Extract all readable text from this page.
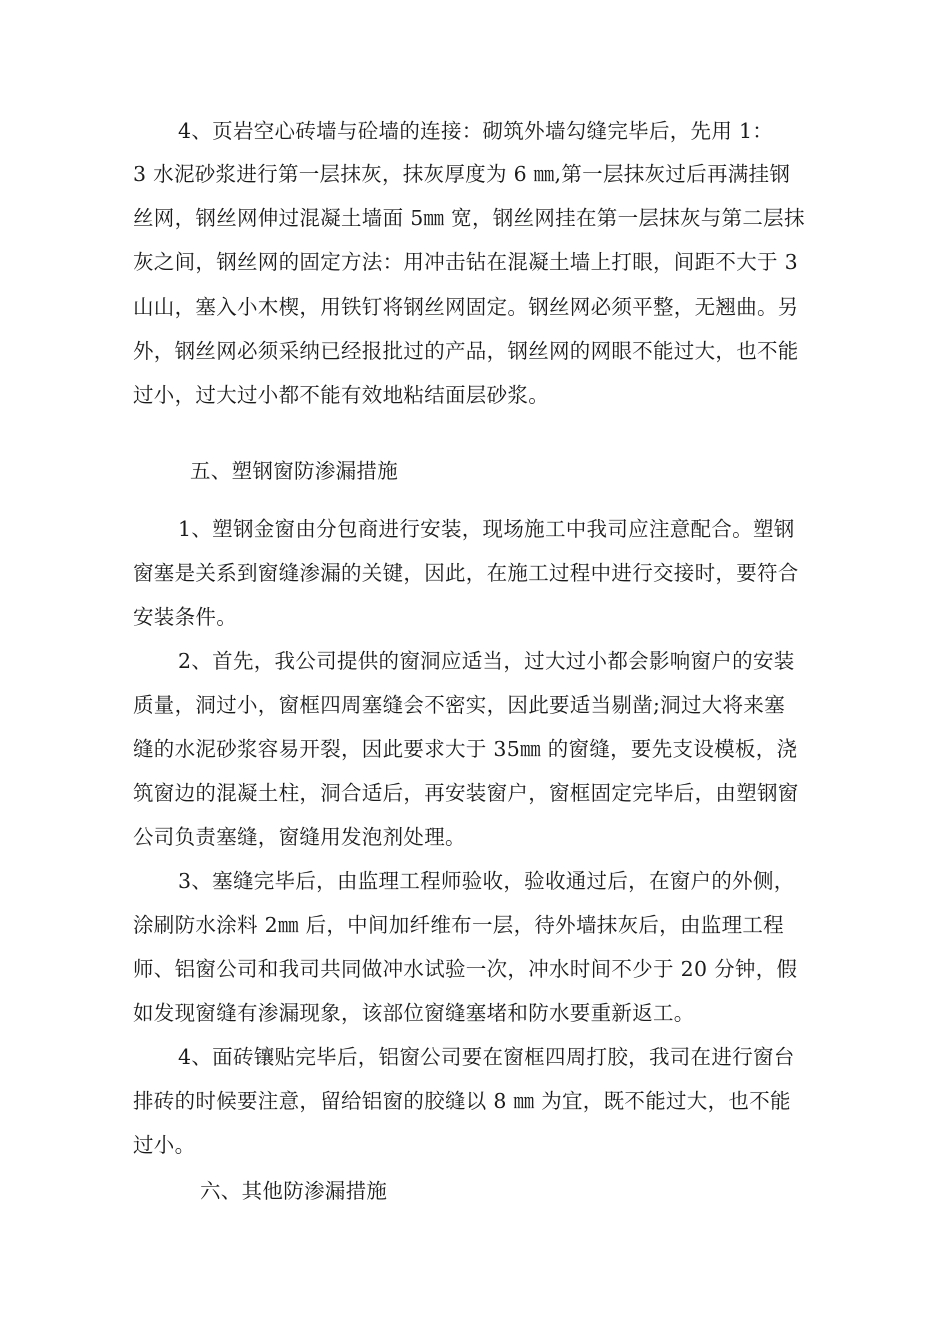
4、页岩空心砖墙与砼墙的连接：砌筑外墙勾缝完毕后，先用 1：
3 水泥砂浆进行第一层抹灰，抹灰厚度为 6 ㎜,第一层抹灰过后再满挂钢
丝网，钢丝网伸过混凝土墙面 5㎜ 宽，钢丝网挂在第一层抹灰与第二层抹
灰之间，钢丝网的固定方法：用冲击钻在混凝土墙上打眼，间距不大于 3
山山，塞入小木楔，用铁钉将钢丝网固定。钢丝网必须平整，无翘曲。另
外，钢丝网必须采纳已经报批过的产品，钢丝网的网眼不能过大，也不能
过小，过大过小都不能有效地粘结面层砂浆。
五、塑钢窗防渗漏措施
1、塑钢金窗由分包商进行安装，现场施工中我司应注意配合。塑钢
窗塞是关系到窗缝渗漏的关键，因此，在施工过程中进行交接时，要符合
安装条件。
2、首先，我公司提供的窗洞应适当，过大过小都会影响窗户的安装
质量，洞过小，窗框四周塞缝会不密实，因此要适当剔凿;洞过大将来塞
缝的水泥砂浆容易开裂，因此要求大于 35㎜ 的窗缝，要先支设模板，浇
筑窗边的混凝土柱，洞合适后，再安装窗户，窗框固定完毕后，由塑钢窗
公司负责塞缝，窗缝用发泡剂处理。
3、塞缝完毕后，由监理工程师验收，验收通过后，在窗户的外侧，
涂刷防水涂料 2㎜ 后，中间加纤维布一层，待外墙抹灰后，由监理工程
师、铝窗公司和我司共同做冲水试验一次，冲水时间不少于 20 分钟，假
如发现窗缝有渗漏现象，该部位窗缝塞堵和防水要重新返工。
4、面砖镶贴完毕后，铝窗公司要在窗框四周打胶，我司在进行窗台
排砖的时候要注意，留给铝窗的胶缝以 8 ㎜ 为宜，既不能过大，也不能
过小。
六、其他防渗漏措施
